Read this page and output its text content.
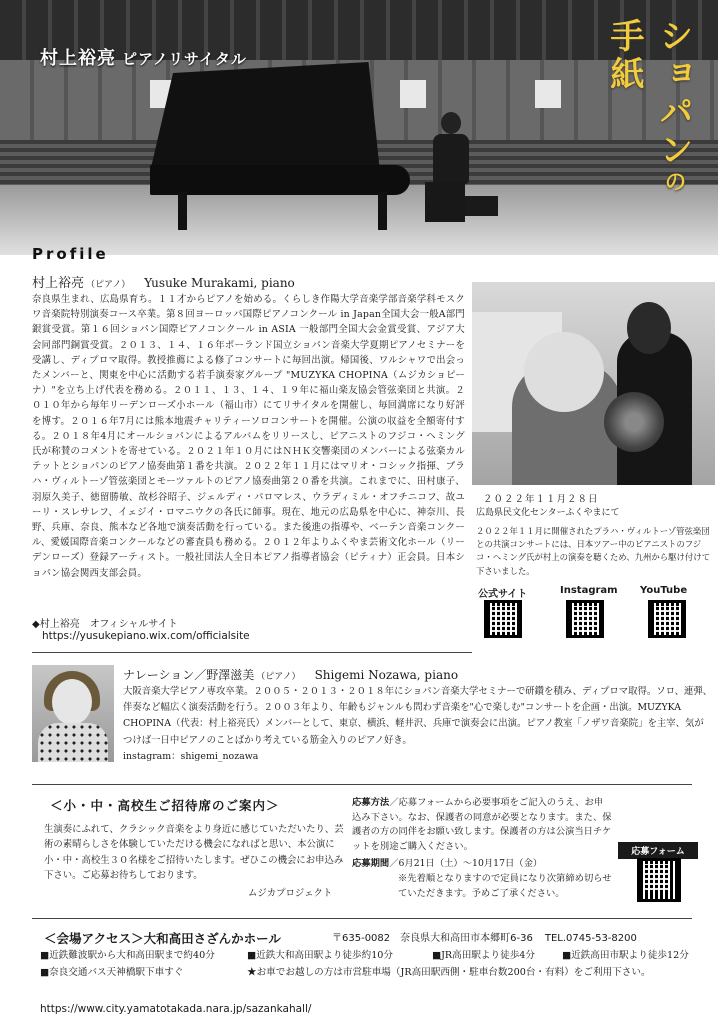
村上裕亮 ピアノリサイタル	ショパンの手紙
Profile
村上裕亮 （ピアノ） Yusuke Murakami, piano
奈良県生まれ、広島県育ち。１１才からピアノを始める。くらしき作陽大学音楽学部音楽学科モスクワ音楽院特別演奏コース卒業。第８回ヨーロッパ国際ピアノコンクール in Japan全国大会一般A部門銀賞受賞。第１６回ショパン国際ピアノコンクール in ASIA 一般部門全国大会金賞受賞、アジア大会同部門銅賞受賞。２０１３、１４、１６年ポーランド国立ショパン音楽大学夏期ピアノセミナーを受講し、ディプロマ取得。教授推薦による修了コンサートに毎回出演。帰国後、ワルシャワで出会ったメンバーと、関東を中心に活動する若手演奏家グループ "MUZYKA CHOPINA（ムジカショピーナ）"を立ち上げ代表を務める。２０１１、１３、１４、１９年に福山楽友協会管弦楽団と共演。２０１０年から毎年リーデンローズ小ホール（福山市）にてリサイタルを開催し、毎回満席になり好評を博す。２０１６年7月には熊本地震チャリティーソロコンサートを開催。公演の収益を全額寄付する。２０１８年4月にオールショパンによるアルバムをリリースし、ピアニストのフジコ・ヘミング氏が称賛のコメントを寄せている。２０２１年１０月にはＮＨＫ交響楽団のメンバーによる弦楽カルテットとショパンのピアノ協奏曲第１番を共演。２０２２年１１月にはマリオ・コシック指揮、ブラハ・ヴィルトーゾ管弦楽団とモーツァルトのピアノ協奏曲第２０番を共演。これまでに、田村康子、羽原久美子、徳留勝敏、故杉谷昭子、ジェルディ・パロマレス、ウラディミル・オフチニコフ、故ユーリ・スレサレフ、イェジイ・ロマニウクの各氏に師事。現在、地元の広島県を中心に、神奈川、長野、兵庫、奈良、熊本など各地で演奏活動を行っている。また後進の指導や、ベーテン音楽コンクール、愛媛国際音楽コンクールなどの審査員も務める。２０１２年よりふくやま芸術文化ホール（リーデンローズ）登録アーティスト。一般社団法人全日本ピアノ指導者協会（ピティナ）正会員。日本ショパン協会関西支部会員。
２０２２年１１月２８日
広島県民文化センターふくやまにて
２０２２年１１月に開催されたプラハ・ヴィルトーゾ管弦楽団との共演コンサートには、日本ツアー中のピアニストのフジコ・ヘミング氏が村上の演奏を聴くため、九州から駆け付けて下さいました。
公式サイト	Instagram YouTube
◆村上裕亮　オフィシャルサイト
https://yusukepiano.wix.com/officialsite
ナレーション／野澤滋美 （ピアノ） Shigemi Nozawa, piano
大阪音楽大学ピアノ専攻卒業。２００５・２０１３・２０１８年にショパン音楽大学セミナーで研鑽を積み、ディプロマ取得。ソロ、連弾、伴奏など幅広く演奏活動を行う。２００３年より、年齢もジャンルも問わず音楽を"心で楽しむ"コンサートを企画・出演。MUZYKA CHOPINA（代表：村上裕亮氏）メンバーとして、東京、横浜、軽井沢、兵庫で演奏会に出演。ピアノ教室「ノザワ音楽院」を主宰、気がつけば一日中ピアノのことばかり考えている筋金入りのピアノ好き。
instagram：shigemi_nozawa
＜小・中・高校生ご招待席のご案内＞
生演奏にふれて、クラシック音楽をより身近に感じていただいたり、芸術の素晴らしさを体験していただける機会になればと思い、本公演に小・中・高校生３０名様をご招待いたします。ぜひこの機会にお申込み下さい。ご応募お待ちしております。
ムジカプロジェクト
応募方法／応募フォームから必要事項をご記入のうえ、お申込み下さい。なお、保護者の同意が必要となります。また、保護者の方の同伴をお願い致します。保護者の方は公演当日チケットを別途ご購入ください。
応募期間／6月21日（土）～10月17日（金）
※先着順となりますので定員になり次第締め切らせていただきます。予めご了承ください。
応募フォーム
＜会場アクセス＞大和高田さざんかホール	〒635-0082　奈良県大和高田市本郷町6-36 TEL.0745-53-8200
■ 近鉄難波駅から大和高田駅まで約40分	■ 近鉄大和高田駅より徒歩約10分	■ JR高田駅より徒歩4分	■ 近鉄高田市駅より徒歩12分
■ 奈良交通バス天神橋駅下車すぐ	★お車でお越しの方は市営駐車場（JR高田駅西側・駐車台数200台・有料）をご利用下さい。
https://www.city.yamatotakada.nara.jp/sazankahall/
